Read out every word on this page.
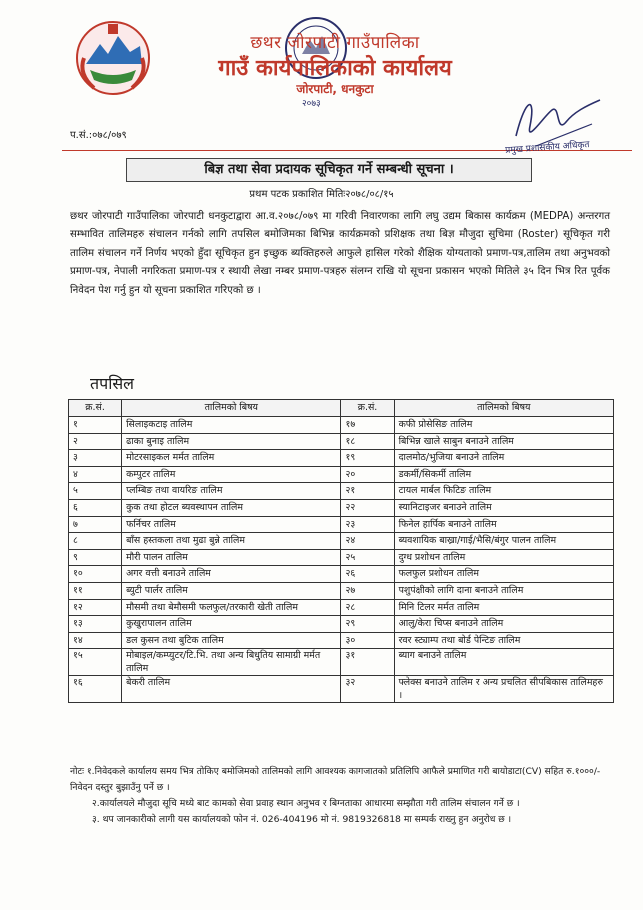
छथर जोरपाटी गाउँपालिका
गाउँ कार्यपालिकाको कार्यालय
जोरपाटी, धनकुटा
२०७३
प.सं.:०७८/०७९
प्रमुख प्रशासकीय अधिकृत
बिज्ञ तथा सेवा प्रदायक सूचिकृत गर्ने सम्बन्धी सूचना ।
प्रथम पटक प्रकाशित मितिः२०७८/०८/१५
छथर जोरपाटी गाउँपालिका जोरपाटी धनकुटाद्वारा आ.व.२०७८/०७९ मा गरिवी निवारणका लागि लघु उद्यम बिकास कार्यक्रम (MEDPA) अन्तरगत सम्भावित तालिमहरु संचालन गर्नको लागि तपसिल बमोजिमका बिभिन्न कार्यक्रमको प्रशिक्षक तथा बिज्ञ मौजुदा सुचिमा (Roster) सूचिकृत गरी तालिम संचालन गर्ने निर्णय भएको हुँदा सूचिकृत हुन इच्छुक ब्यक्तिहरुले आफुले हासिल गरेको शैक्षिक योग्यताको प्रमाण-पत्र,तालिम तथा अनुभवको प्रमाण-पत्र, नेपाली नगरिकता प्रमाण-पत्र र स्थायी लेखा नम्बर प्रमाण-पत्रहरु संलग्न राखि यो सूचना प्रकासन भएको मितिले ३५ दिन भित्र रित पूर्वक निवेदन पेश गर्नु हुन यो सूचना प्रकाशित गरिएको छ ।
तपसिल
क्र.सं.	तालिमको बिषय	क्र.सं.	तालिमको बिषय
१	सिलाइकटाइ तालिम	१७	कफी प्रोसेसिङ तालिम
२	ढाका बुनाइ तालिम	१८	बिभिन्न खाले साबुन बनाउने तालिम
३	मोटरसाइकल मर्मत तालिम	१९	दालमोठ/भुजिया बनाउने तालिम
४	कम्पुटर तालिम	२०	डकर्मी/सिकर्मी तालिम
५	प्लम्बिङ तथा वायरिङ तालिम	२१	टायल मार्बल फिटिङ तालिम
६	कुक तथा होटल ब्यवस्थापन तालिम	२२	स्यानिटाइजर बनाउने तालिम
७	फर्निचर तालिम	२३	फिनेल हार्पिक बनाउने तालिम
८	बाँस हस्तकला तथा मुढा बुन्ने तालिम	२४	ब्यवशायिक बाख्रा/गाई/भैसि/बंगुर पालन तालिम
९	मौरी पालन तालिम	२५	दुग्ध प्रशोधन तालिम
१०	अगर वत्ती बनाउने तालिम	२६	फलफुल प्रशोधन तालिम
११	ब्युटी पार्लर तालिम	२७	पशुपंक्षीको लागि दाना बनाउने तालिम
१२	मौसमी तथा बेमौसमी फलफुल/तरकारी खेती तालिम	२८	मिनि टिलर मर्मत तालिम
१३	कुखुरापालन तालिम	२९	आलु/केरा चिप्स बनाउने तालिम
१४	डल कुसन तथा बुटिक तालिम	३०	रवर स्ट्याम्प तथा बोर्ड पेन्टिङ तालिम
१५	मोबाइल/कम्प्युटर/टि.भि. तथा अन्य बिधुतिय सामाग्री मर्मत तालिम	३१	ब्याग बनाउने तालिम
१६	बेकरी तालिम	३२	फ्लेक्स बनाउने तालिम र अन्य प्रचलित सीपबिकास तालिमहरु ।

नोटः १.निवेदकले कार्यालय समय भित्र तोकिए बमोजिमको तालिमको लागि आवश्यक कागजातको प्रतिलिपि आफैले प्रमाणित गरी बायोडाटा(CV) सहित रु.१०००/- निवेदन दस्तुर बुझाउँनु पर्ने छ ।

२.कार्यालयले मौजुदा सूचि मध्ये बाट कामको सेवा प्रवाह स्थान अनुभव र बिग्नताका आधारमा सम्झौता गरी तालिम संचालन गर्ने छ ।

३. थप जानकारीको लागी यस कार्यालयको फोन नं. 026-404196 मो नं. 9819326818 मा सम्पर्क राख्नु हुन अनुरोध छ ।
